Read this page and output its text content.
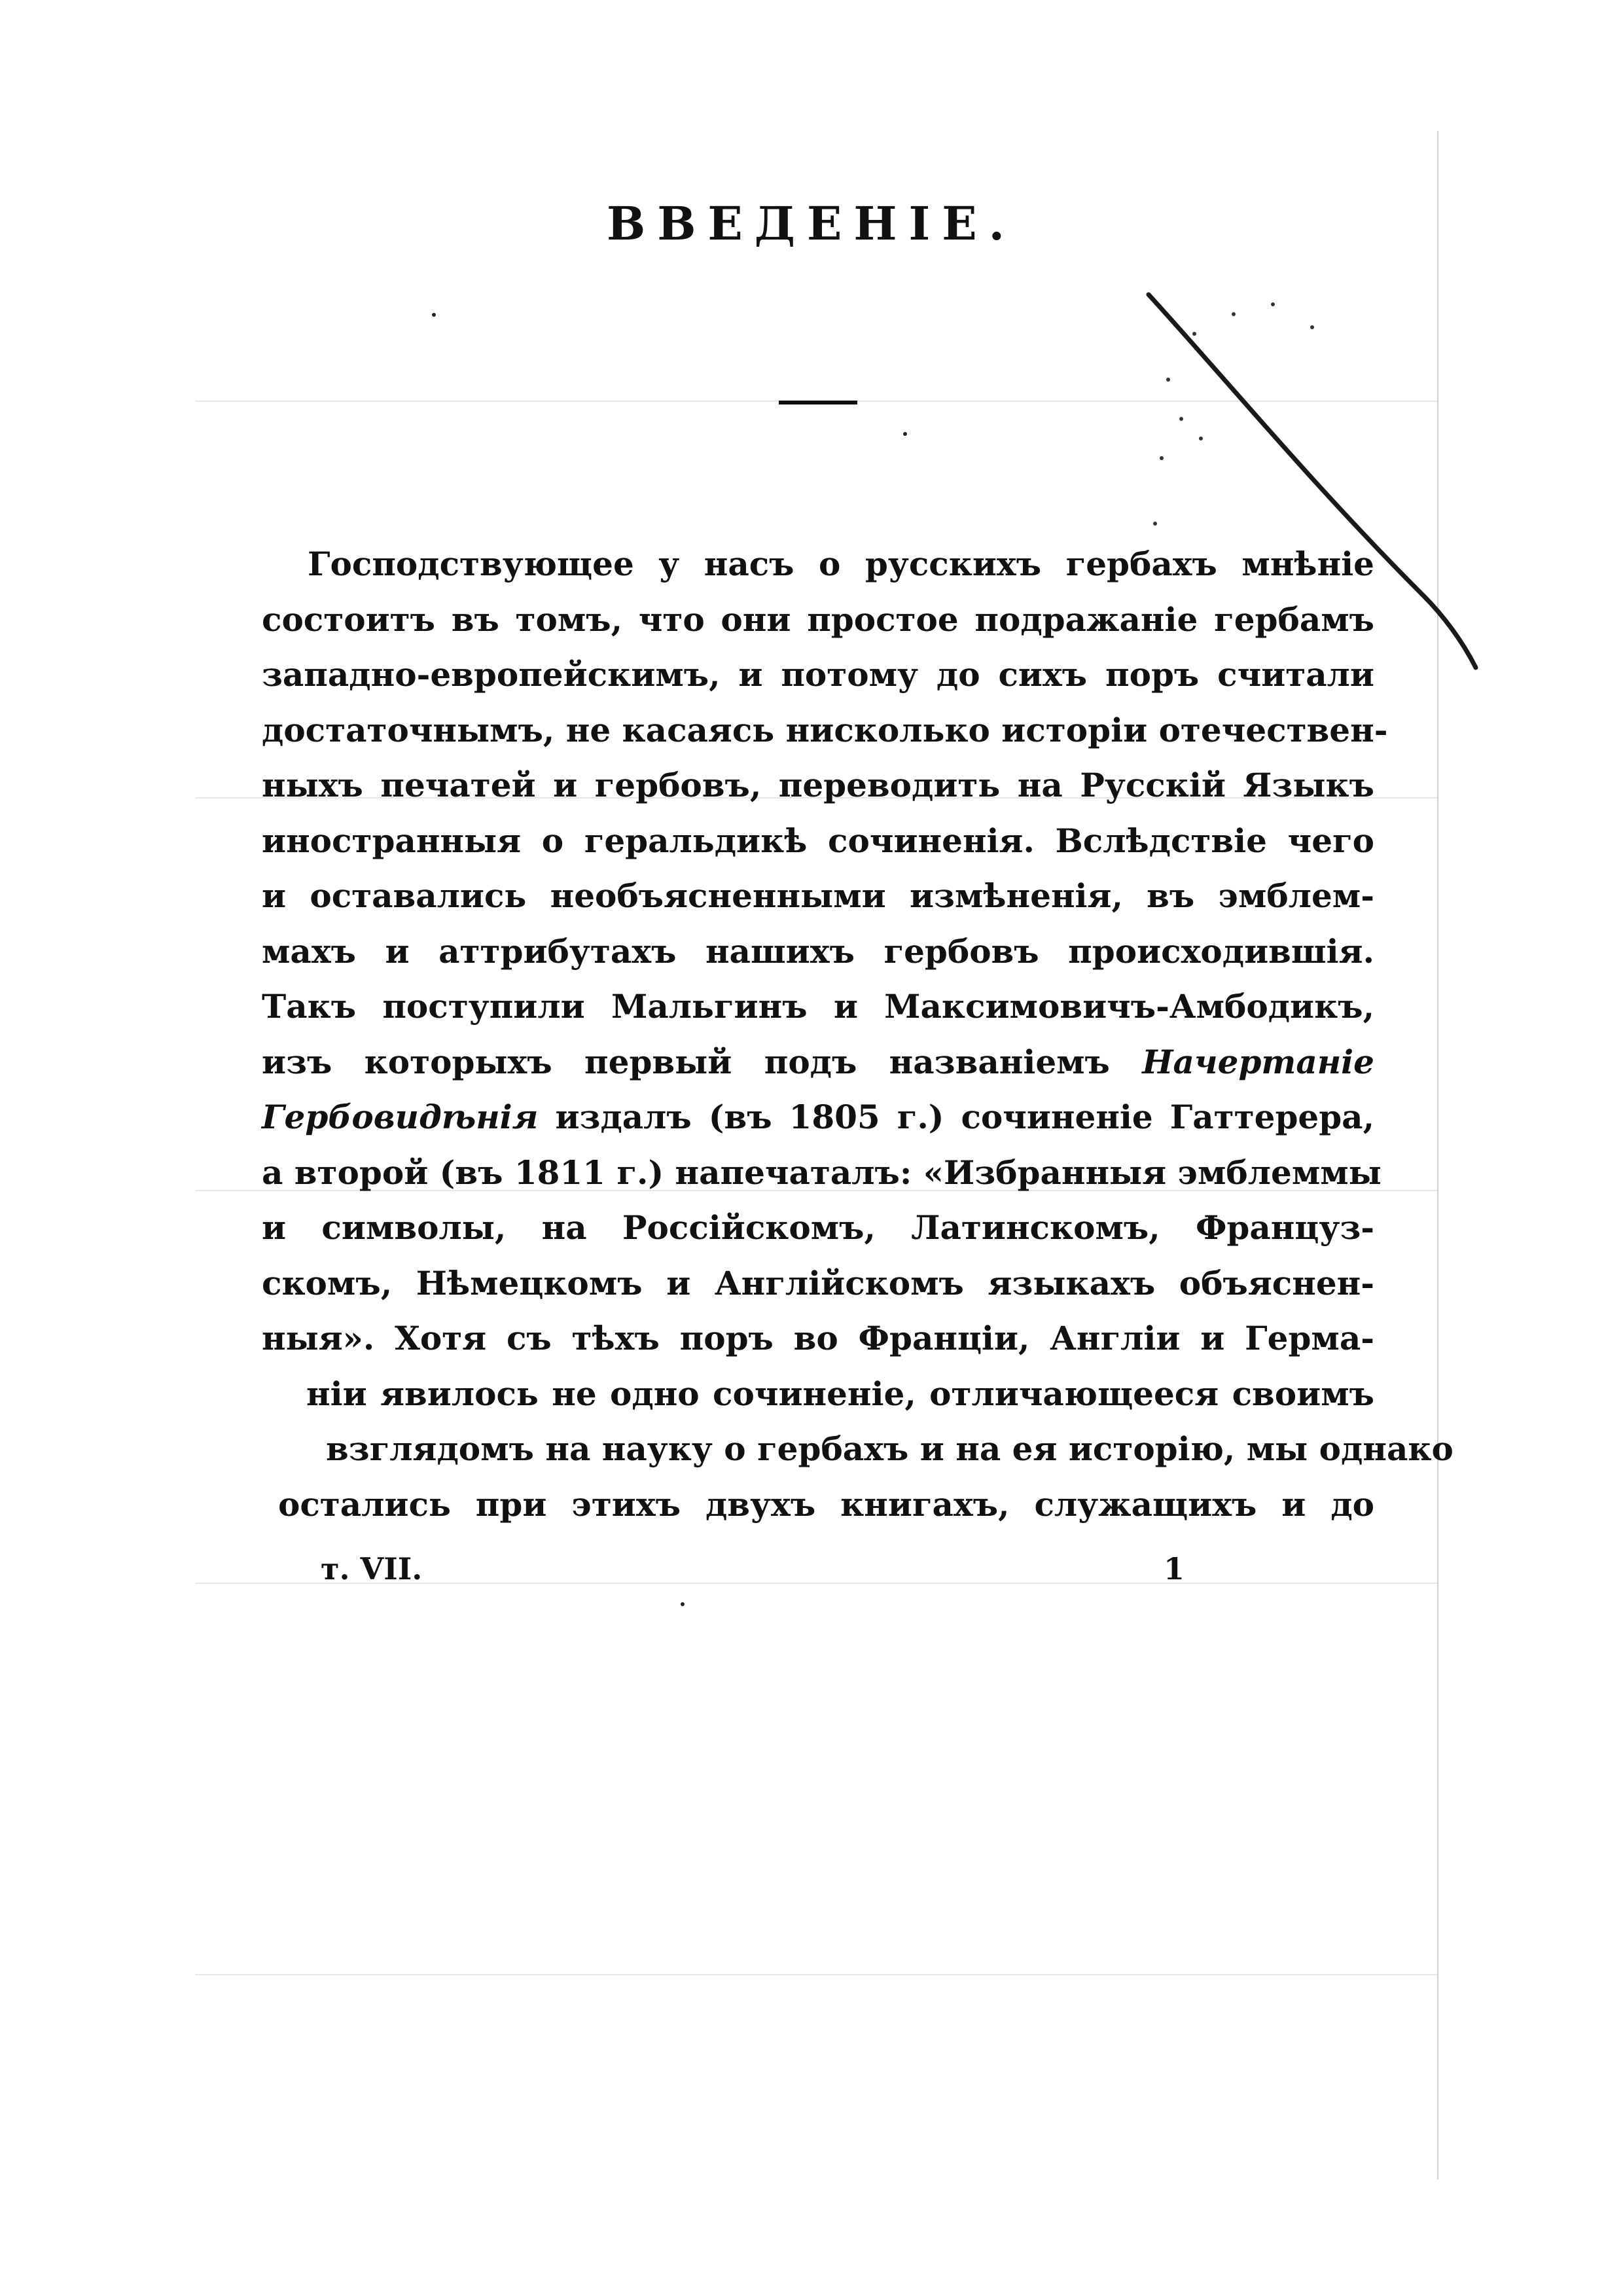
ВВЕДЕНІЕ.
Господствующее у насъ о русскихъ гербахъ мнѣніе
состоитъ въ томъ, что они простое подражаніе гербамъ
западно-европейскимъ, и потому до сихъ поръ считали
достаточнымъ, не касаясь нисколько исторіи отечествен-
ныхъ печатей и гербовъ, переводить на Русскій Языкъ
иностранныя о геральдикѣ сочиненія. Вслѣдствіе чего
и оставались необъясненными измѣненія, въ эмблем-
махъ и аттрибутахъ нашихъ гербовъ происходившія.
Такъ поступили Мальгинъ и Максимовичъ-Амбодикъ,
изъ которыхъ первый подъ названіемъ Начертаніе
Гербовидѣнія издалъ (въ 1805 г.) сочиненіе Гаттерера,
а второй (въ 1811 г.) напечаталъ: «Избранныя эмблеммы
и символы, на Россійскомъ, Латинскомъ, Француз-
скомъ, Нѣмецкомъ и Англійскомъ языкахъ объяснен-
ныя». Хотя съ тѣхъ поръ во Франціи, Англіи и Герма-
ніи явилось не одно сочиненіе, отличающееся своимъ
взглядомъ на науку о гербахъ и на ея исторію, мы однако
остались при этихъ двухъ книгахъ, служащихъ и до
т. VII.	1
